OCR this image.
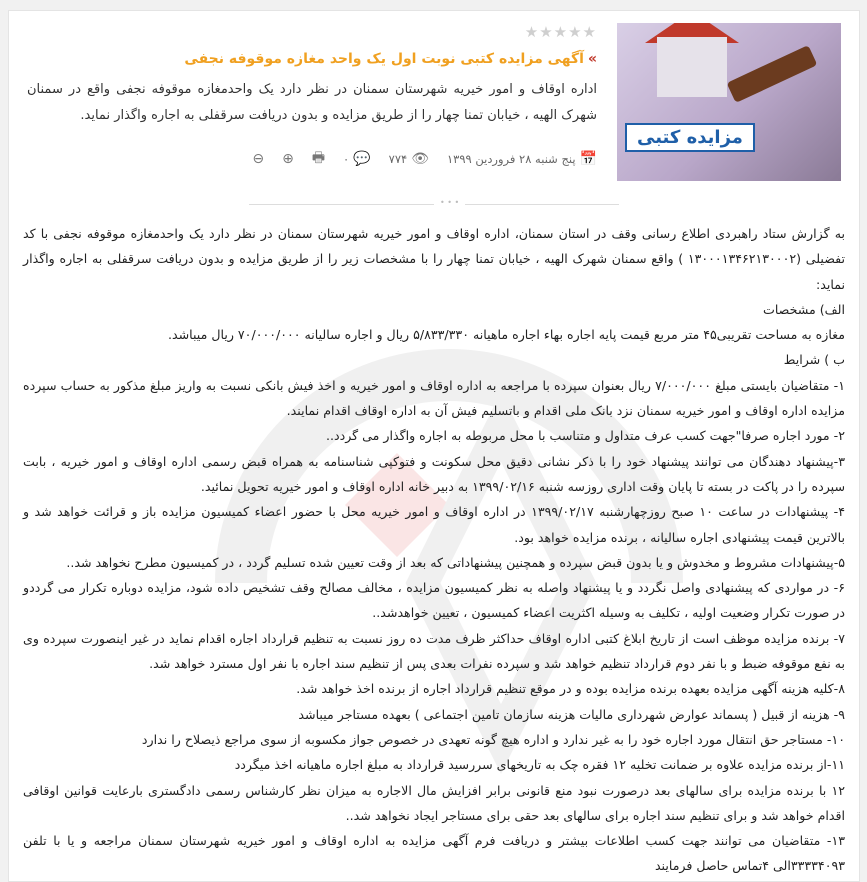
مزایده کتبی
★★★★★
»آگهی مزایده کتبی نوبت اول یک واحد مغازه موقوفه نجفی
اداره اوقاف و امور خیریه شهرستان سمنان در نظر دارد یک واحدمغازه موقوفه نجفی واقع در سمنان شهرک الهیه ، خیابان تمنا چهار را از طریق مزایده و بدون دریافت سرقفلی به اجاره واگذار نماید.
📅
پنج شنبه ۲۸ فروردین ۱۳۹۹
👁
۷۷۴
💬
۰
🖶
⊕
⊖
• • •

به گزارش ستاد راهبردی اطلاع رسانی وقف در استان سمنان، اداره اوقاف و امور خیریه شهرستان سمنان در نظر دارد یک واحدمغازه موقوفه نجفی با کد تفضیلی (۱۳۰۰۰۱۳۴۶۲۱۳۰۰۰۲ ) واقع سمنان شهرک الهیه ، خیابان تمنا چهار را با مشخصات زیر را از طریق مزایده و بدون دریافت سرقفلی به اجاره واگذار نماید:

الف) مشخصات

مغازه به مساحت تقریبی۴۵ متر مربع قیمت پایه اجاره بهاء اجاره ماهیانه ۵/۸۳۳/۳۳۰ ریال و اجاره سالیانه ۷۰/۰۰۰/۰۰۰ ریال میباشد.

ب ) شرایط

۱- متقاضیان بایستی مبلغ ۷/۰۰۰/۰۰۰ ریال بعنوان سپرده با مراجعه به اداره اوقاف و امور خیریه و اخذ فیش بانکی نسبت به واریز مبلغ مذکور به حساب سپرده مزایده اداره اوقاف و امور خیریه سمنان نزد بانک ملی اقدام و باتسلیم فیش آن به اداره اوقاف اقدام نمایند.

۲- مورد اجاره صرفا"جهت کسب عرف متداول و متناسب با محل مربوطه به اجاره واگذار می گردد..

۳-پیشنهاد دهندگان می توانند پیشنهاد خود را با ذکر نشانی دقیق محل سکونت و فتوکپی شناسنامه به همراه قبض رسمی اداره اوقاف و امور خیریه ، بابت سپرده را در پاکت در بسته تا پایان وقت اداری روزسه شنبه ۱۳۹۹/۰۲/۱۶ به دبیر خانه اداره اوقاف و امور خیریه تحویل نمائید.

۴- پیشنهادات در ساعت ۱۰ صبح روزچهارشنبه ۱۳۹۹/۰۲/۱۷ در اداره اوقاف و امور خیریه محل با حضور اعضاء کمیسیون مزایده باز و قرائت خواهد شد و بالاترین قیمت پیشنهادی اجاره سالیانه ، برنده مزایده خواهد بود.

۵-پیشنهادات مشروط و مخدوش و یا بدون قبض سپرده و همچنین پیشنهاداتی که بعد از وقت تعیین شده تسلیم گردد ، در کمیسیون مطرح نخواهد شد..

۶- در مواردی که پیشنهادی واصل نگردد و یا پیشنهاد واصله به نظر کمیسیون مزایده ، مخالف مصالح وقف تشخیص داده شود، مزایده دوباره تکرار می گرددو در صورت تکرار وضعیت اولیه ، تکلیف به وسیله اکثریت اعضاء کمیسیون ، تعیین خواهدشد..

۷- برنده مزایده موظف است از تاریخ ابلاغ کتبی اداره اوقاف حداکثر ظرف مدت ده روز نسبت به تنظیم قرارداد اجاره اقدام نماید در غیر اینصورت سپرده وی به نفع موقوفه ضبط و با نفر دوم قرارداد تنظیم خواهد شد و سپرده نفرات بعدی پس از تنظیم سند اجاره با نفر اول مسترد خواهد شد.

۸-کلیه هزینه آگهی مزایده بعهده برنده مزایده بوده و در موقع تنظیم قرارداد اجاره از برنده اخذ خواهد شد.

۹- هزینه از قبیل ( پسماند عوارض شهرداری مالیات هزینه سازمان تامین اجتماعی ) بعهده مستاجر میباشد

۱۰- مستاجر حق انتقال مورد اجاره خود را به غیر ندارد و اداره هیچ گونه تعهدی در خصوص جواز مکسوبه از سوی مراجع ذیصلاح را ندارد

۱۱-از برنده مزایده علاوه بر ضمانت تخلیه ۱۲ فقره چک به تاریخهای سررسید قرارداد به مبلغ اجاره ماهیانه اخذ میگردد

۱۲ با برنده مزایده برای سالهای بعد درصورت نبود منع قانونی برابر افزایش مال الاجاره به میزان نظر کارشناس رسمی دادگستری بارعایت قوانین اوقافی اقدام خواهد شد و برای تنظیم سند اجاره برای سالهای بعد حقی برای مستاجر ایجاد نخواهد شد..

۱۳- متقاضیان می توانند جهت کسب اطلاعات بیشتر و دریافت فرم آگهی مزایده به اداره اوقاف و امور خیریه شهرستان سمنان مراجعه و یا با تلفن ۳۳۳۳۴۰۹۳الی ۴تماس حاصل فرمایند
